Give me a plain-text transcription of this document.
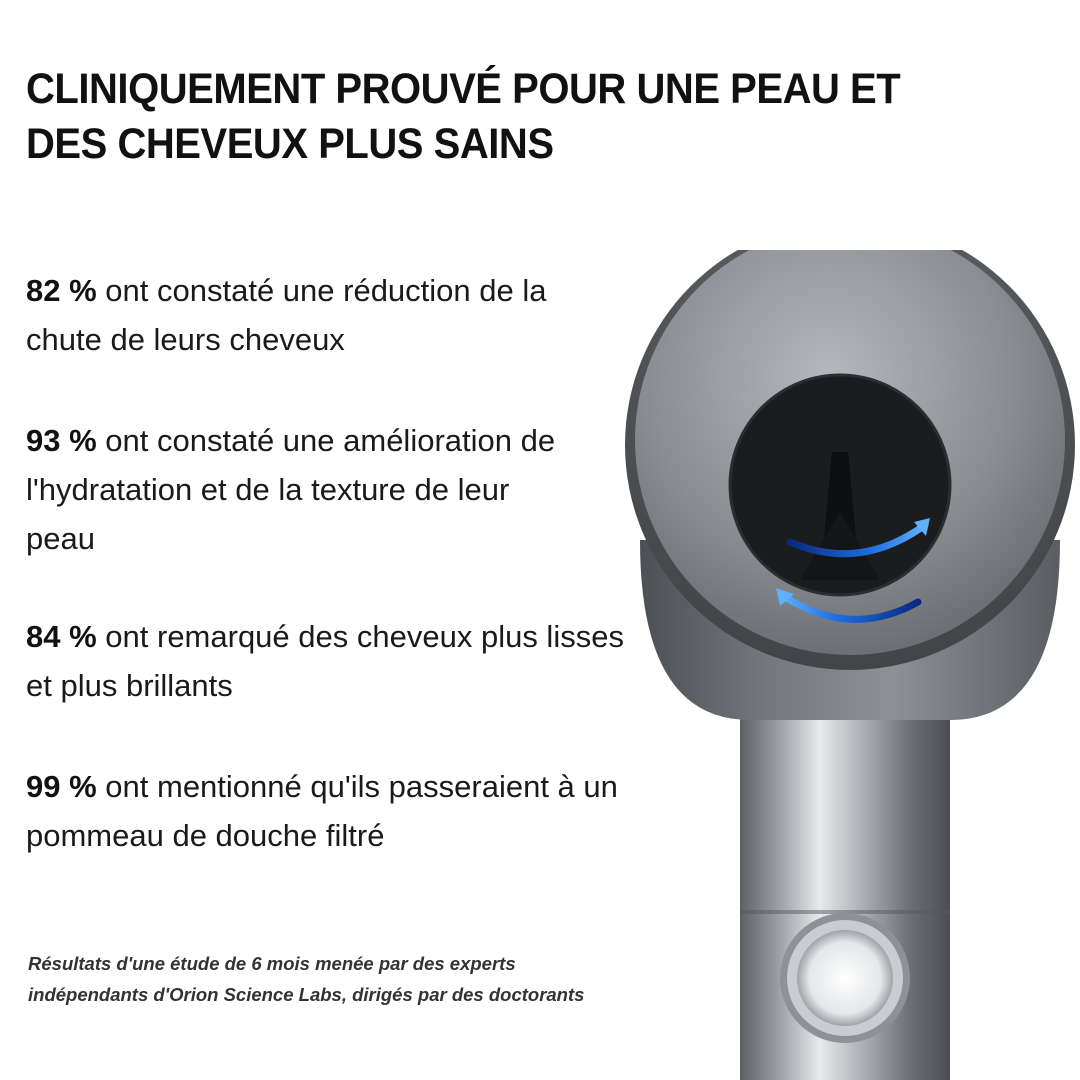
CLINIQUEMENT PROUVÉ POUR UNE PEAU ET
DES CHEVEUX PLUS SAINS

82 % ont constaté une réduction de la chute de leurs cheveux

93 % ont constaté une amélioration de l'hydratation et de la texture de leur peau

84 % ont remarqué des cheveux plus lisses et plus brillants

99 % ont mentionné qu'ils passeraient à un pommeau de douche filtré

Résultats d'une étude de 6 mois menée par des experts
indépendants d'Orion Science Labs, dirigés par des doctorants
